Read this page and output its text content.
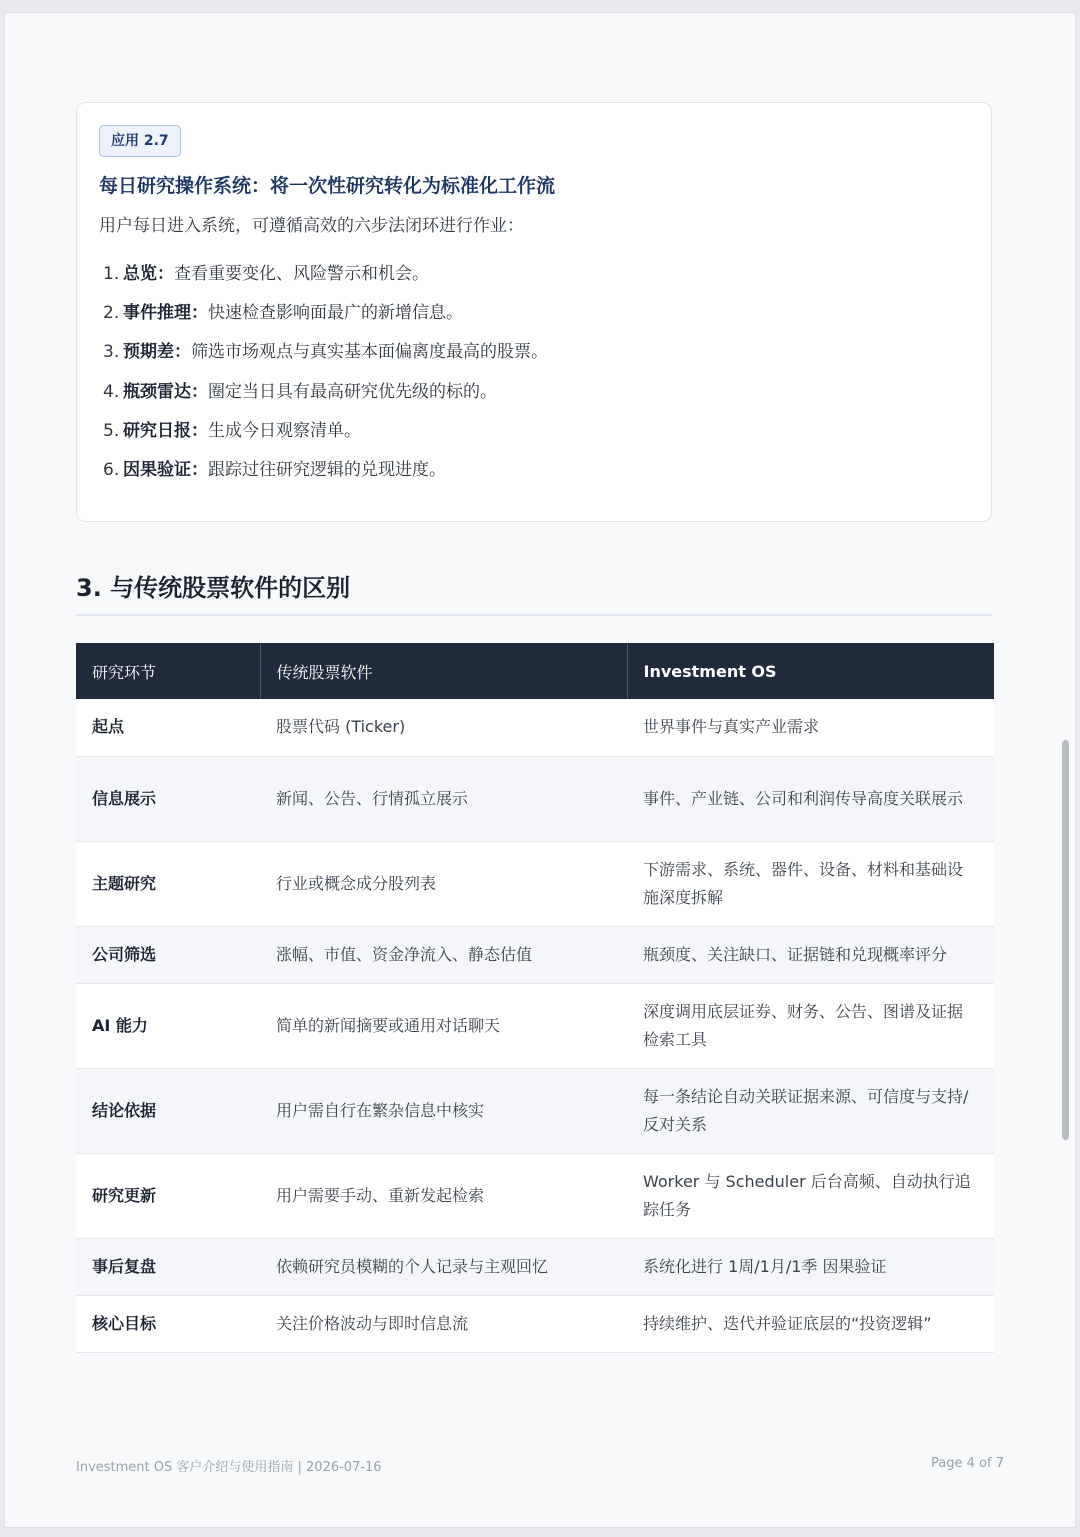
应用 2.7
每日研究操作系统：将一次性研究转化为标准化工作流
用户每日进入系统，可遵循高效的六步法闭环进行作业：
1. 总览：查看重要变化、风险警示和机会。
2. 事件推理：快速检查影响面最广的新增信息。
3. 预期差：筛选市场观点与真实基本面偏离度最高的股票。
4. 瓶颈雷达：圈定当日具有最高研究优先级的标的。
5. 研究日报：生成今日观察清单。
6. 因果验证：跟踪过往研究逻辑的兑现进度。
3. 与传统股票软件的区别
研究环节	传统股票软件	Investment OS
起点	股票代码 (Ticker)	世界事件与真实产业需求
信息展示	新闻、公告、行情孤立展示	事件、产业链、公司和利润传导高度关联展示
主题研究	行业或概念成分股列表	下游需求、系统、器件、设备、材料和基础设施深度拆解
公司筛选	涨幅、市值、资金净流入、静态估值	瓶颈度、关注缺口、证据链和兑现概率评分
AI 能力	简单的新闻摘要或通用对话聊天	深度调用底层证券、财务、公告、图谱及证据检索工具
结论依据	用户需自行在繁杂信息中核实	每一条结论自动关联证据来源、可信度与支持/反对关系
研究更新	用户需要手动、重新发起检索	Worker 与 Scheduler 后台高频、自动执行追踪任务
事后复盘	依赖研究员模糊的个人记录与主观回忆	系统化进行 1周/1月/1季 因果验证
核心目标	关注价格波动与即时信息流	持续维护、迭代并验证底层的“投资逻辑”
Investment OS 客户介绍与使用指南 | 2026-07-16	Page 4 of 7
